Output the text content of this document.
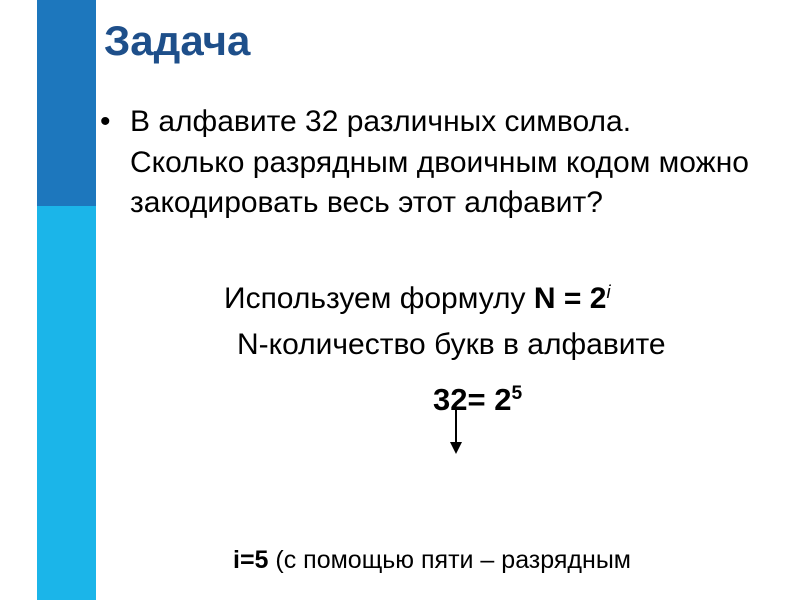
Задача
• В алфавите 32 различных символа. Сколько разрядным двоичным кодом можно закодировать весь этот алфавит?

Используем формулу $N = 2^i$
N-количество букв в алфавите
$32= 2^5$
i=5 (с помощью пяти – разрядным
